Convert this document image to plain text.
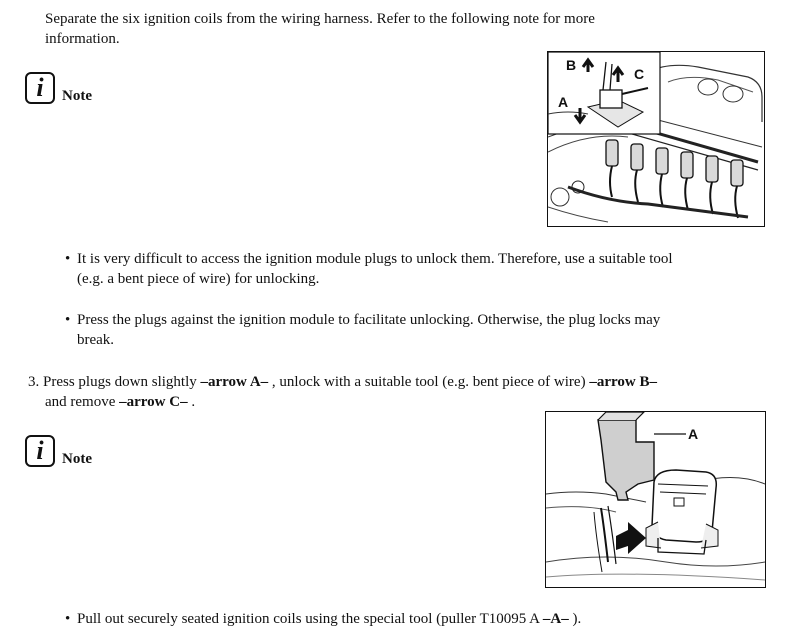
Separate the six ignition coils from the wiring harness. Refer to the following note for more

information.

i Note
B
C
A
• It is very difficult to access the ignition module plugs to unlock them. Therefore, use a suitable tool

(e.g. a bent piece of wire) for unlocking.

• Press the plugs against the ignition module to facilitate unlocking. Otherwise, the plug locks may

break.

3. Press plugs down slightly –arrow A– , unlock with a suitable tool (e.g. bent piece of wire) –arrow B–

and remove –arrow C– .

i Note
A
• Pull out securely seated ignition coils using the special tool (puller T10095 A –A– ).
